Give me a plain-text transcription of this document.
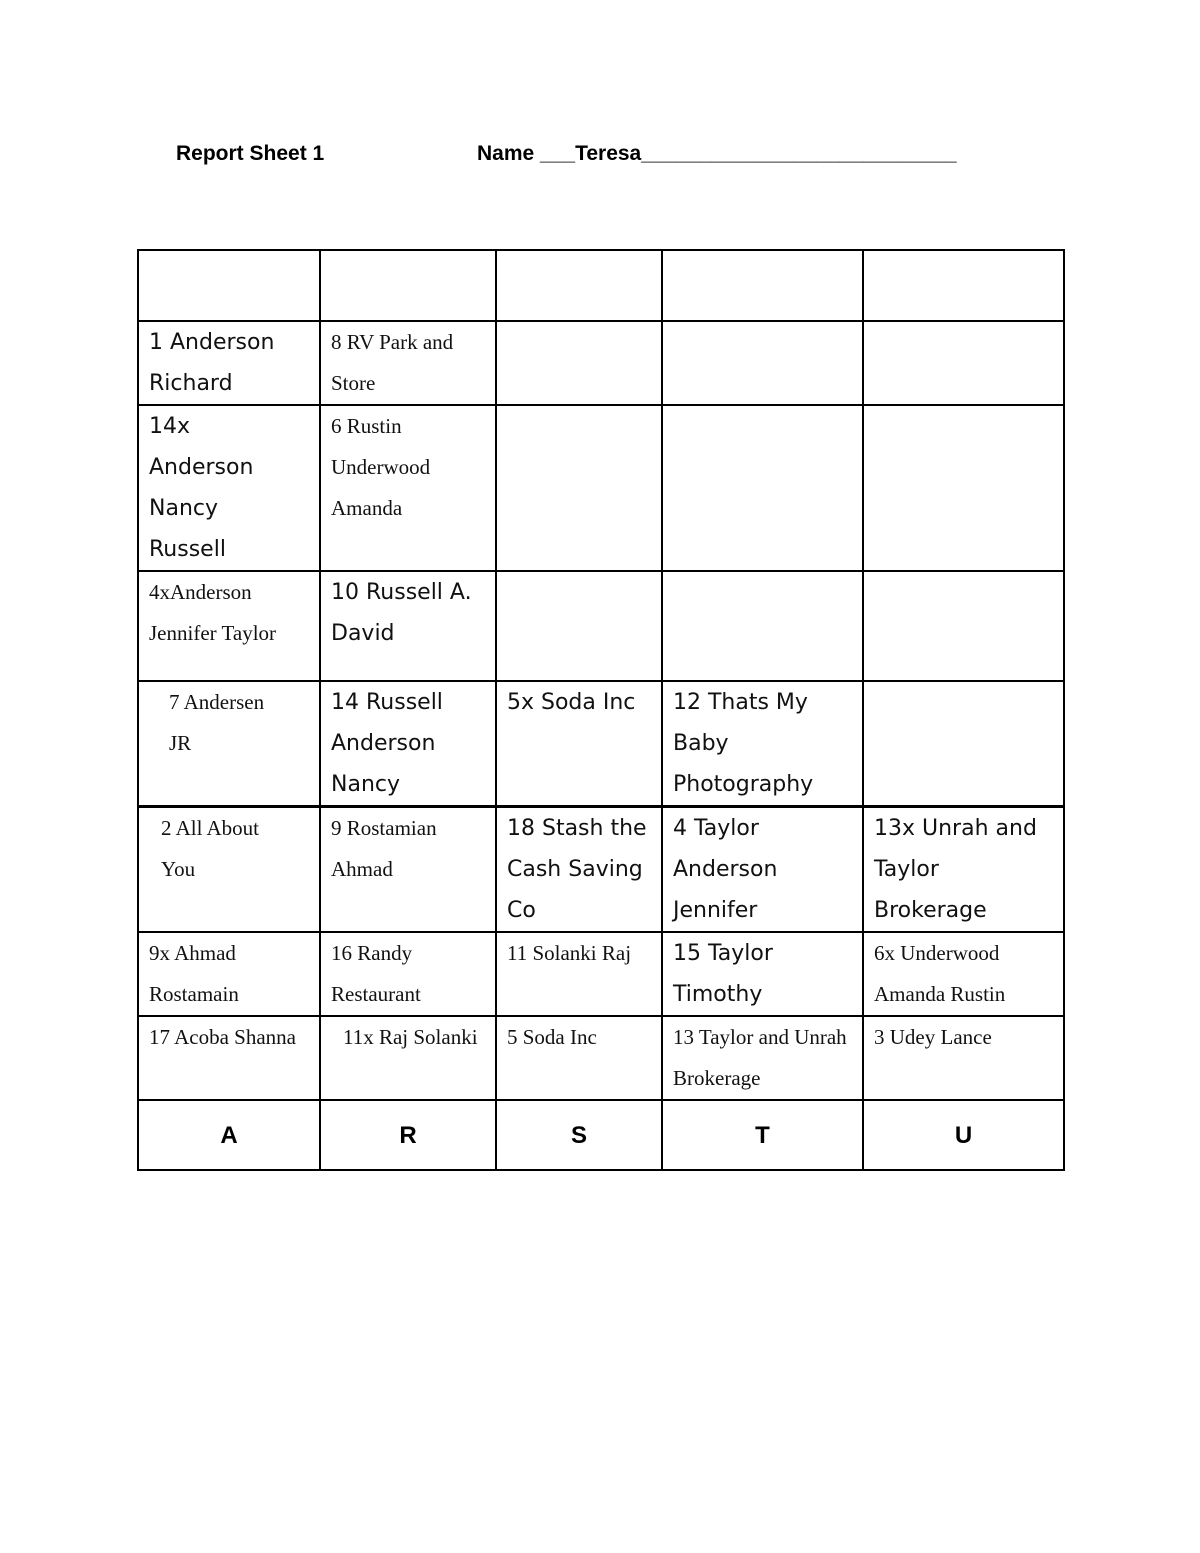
Report Sheet 1	Name ___Teresa___________________________

1 Anderson Richard	8 RV Park and Store			

14x Anderson Nancy Russell	6 Rustin Underwood Amanda			

4xAnderson Jennifer Taylor	10 Russell A. David			

7 Andersen JR	14 Russell Anderson Nancy	5x Soda Inc	12 Thats My Baby Photography	

2 All About You	9 Rostamian Ahmad	18 Stash the Cash Saving Co	4 Taylor Anderson Jennifer	13x Unrah and Taylor Brokerage

9x Ahmad Rostamain	16 Randy Restaurant	11 Solanki Raj	15 Taylor Timothy	6x Underwood Amanda Rustin

17 Acoba Shanna	11x Raj Solanki	5 Soda Inc	13 Taylor and Unrah Brokerage	3 Udey Lance

A	R	S	T	U
